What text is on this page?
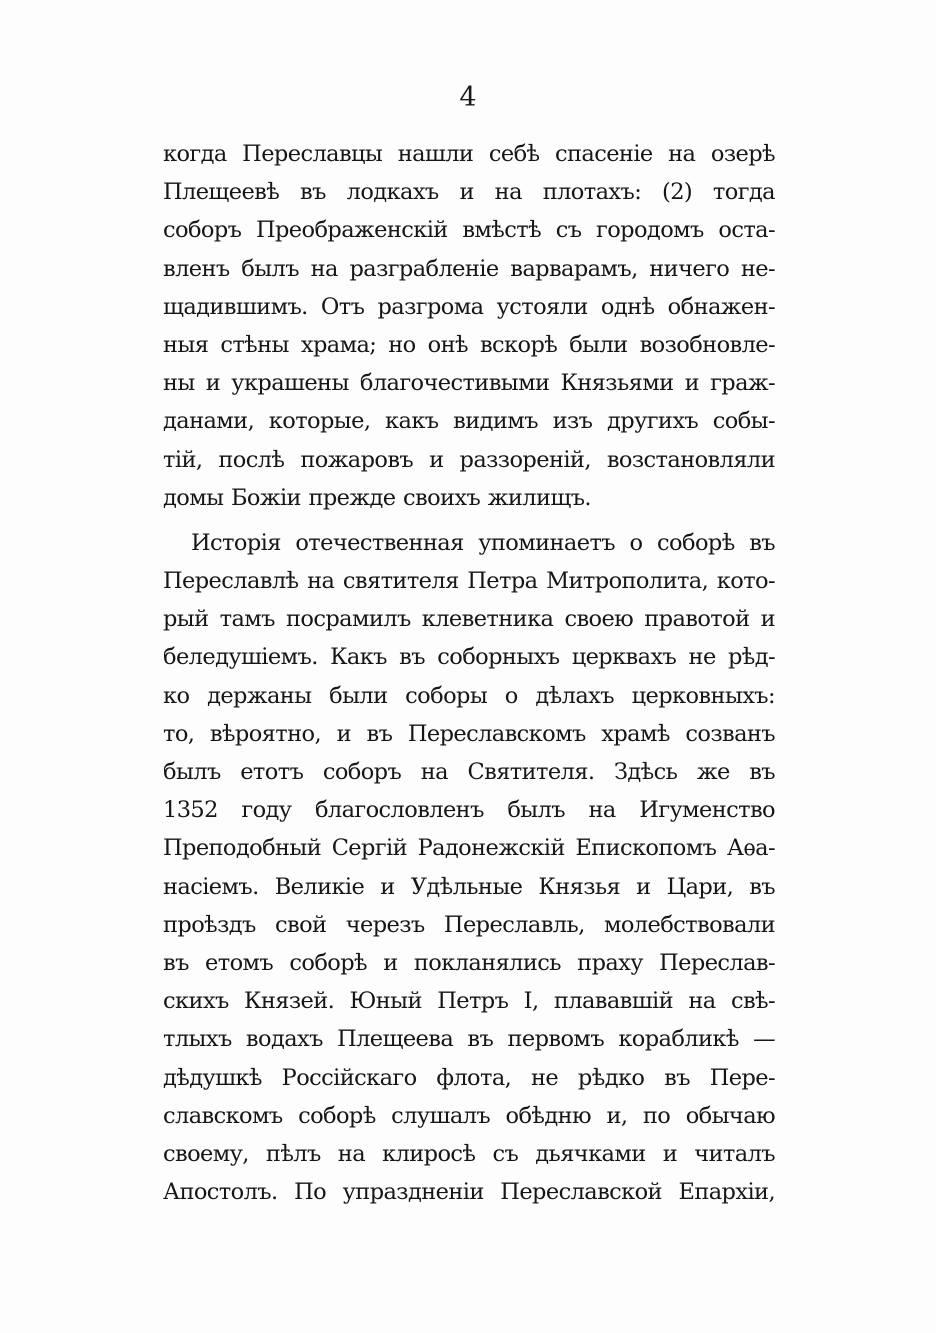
4
когда Переславцы нашли себѣ спасеніе на озерѣ
Плещеевѣ въ лодкахъ и на плотахъ: (2) тогда
соборъ Преображенскій вмѣстѣ съ городомъ оста-
вленъ былъ на разграбленіе варварамъ, ничего не-
щадившимъ. Отъ разгрома устояли однѣ обнажен-
ныя стѣны храма; но онѣ вскорѣ были возобновле-
ны и украшены благочестивыми Князьями и граж-
данами, которые, какъ видимъ изъ другихъ собы-
тій, послѣ пожаровъ и раззореній, возстановляли
домы Божіи прежде своихъ жилищъ.
Исторія отечественная упоминаетъ о соборѣ въ
Переславлѣ на святителя Петра Митрополита, кото-
рый тамъ посрамилъ клеветника своею правотой и
беледушіемъ. Какъ въ соборныхъ церквахъ не рѣд-
ко держаны были соборы о дѣлахъ церковныхъ:
то, вѣроятно, и въ Переславскомъ храмѣ созванъ
былъ етотъ соборъ на Святителя. Здѣсь же въ
1352 году благословленъ былъ на Игуменство
Преподобный Сергій Радонежскій Епископомъ Аѳа-
насіемъ. Великіе и Удѣльные Князья и Цари, въ
проѣздъ свой черезъ Переславль, молебствовали
въ етомъ соборѣ и покланялись праху Переслав-
скихъ Князей. Юный Петръ I, плававшій на свѣ-
тлыхъ водахъ Плещеева въ первомъ корабликѣ —
дѣдушкѣ Россійскаго флота, не рѣдко въ Пере-
славскомъ соборѣ слушалъ обѣдню и, по обычаю
своему, пѣлъ на клиросѣ съ дьячками и читалъ
Апостолъ. По упраздненіи Переславской Епархіи,
